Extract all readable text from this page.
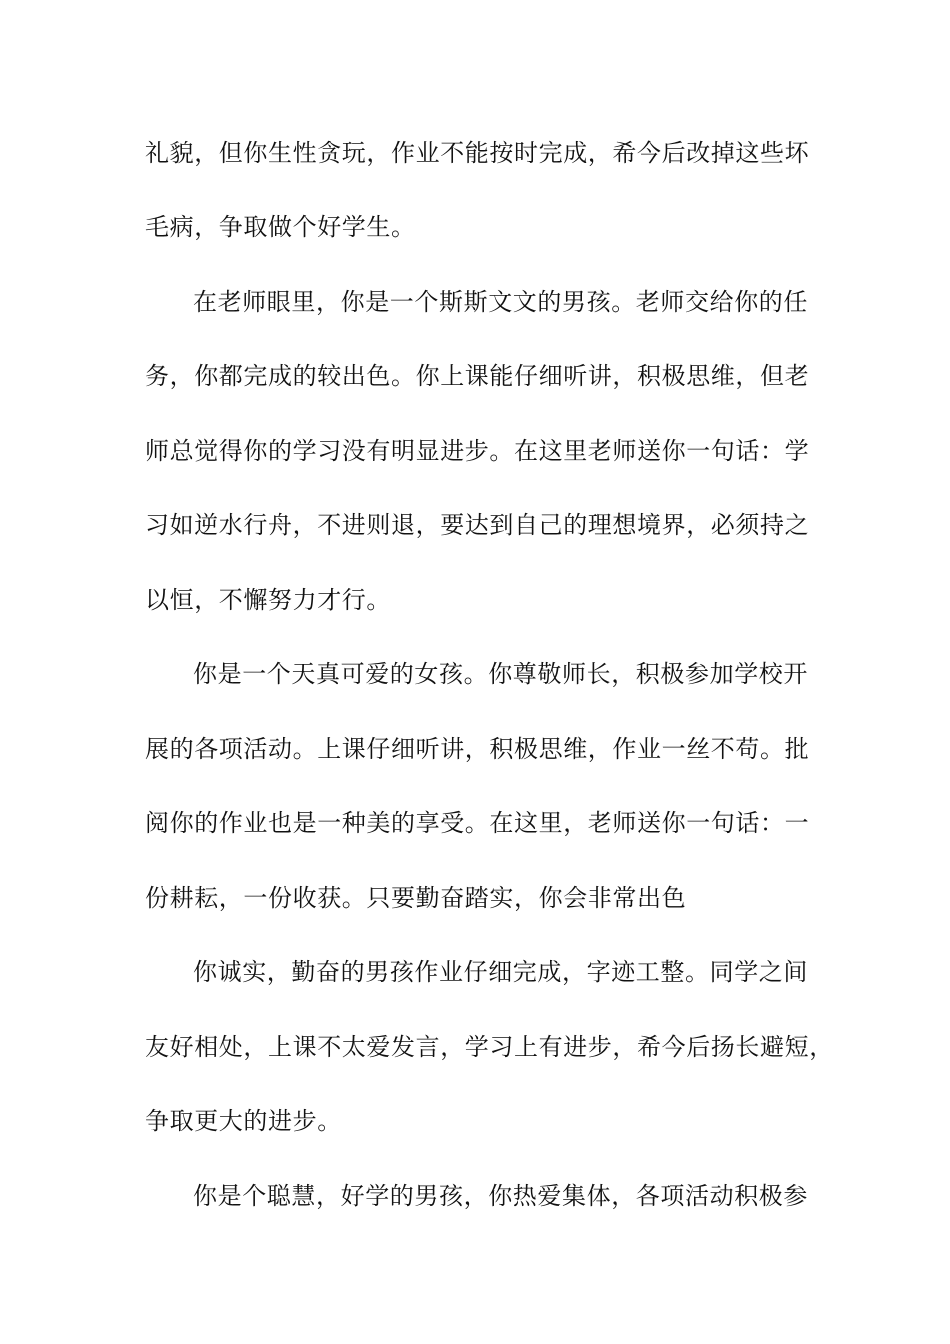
礼貌，但你生性贪玩，作业不能按时完成，希今后改掉这些坏
毛病，争取做个好学生。
在老师眼里，你是一个斯斯文文的男孩。老师交给你的任
务，你都完成的较出色。你上课能仔细听讲，积极思维，但老
师总觉得你的学习没有明显进步。在这里老师送你一句话：学
习如逆水行舟，不进则退，要达到自己的理想境界，必须持之
以恒，不懈努力才行。
你是一个天真可爱的女孩。你尊敬师长，积极参加学校开
展的各项活动。上课仔细听讲，积极思维，作业一丝不苟。批
阅你的作业也是一种美的享受。在这里，老师送你一句话：一
份耕耘，一份收获。只要勤奋踏实，你会非常出色
你诚实，勤奋的男孩作业仔细完成，字迹工整。同学之间
友好相处，上课不太爱发言，学习上有进步，希今后扬长避短，
争取更大的进步。
你是个聪慧，好学的男孩，你热爱集体，各项活动积极参
